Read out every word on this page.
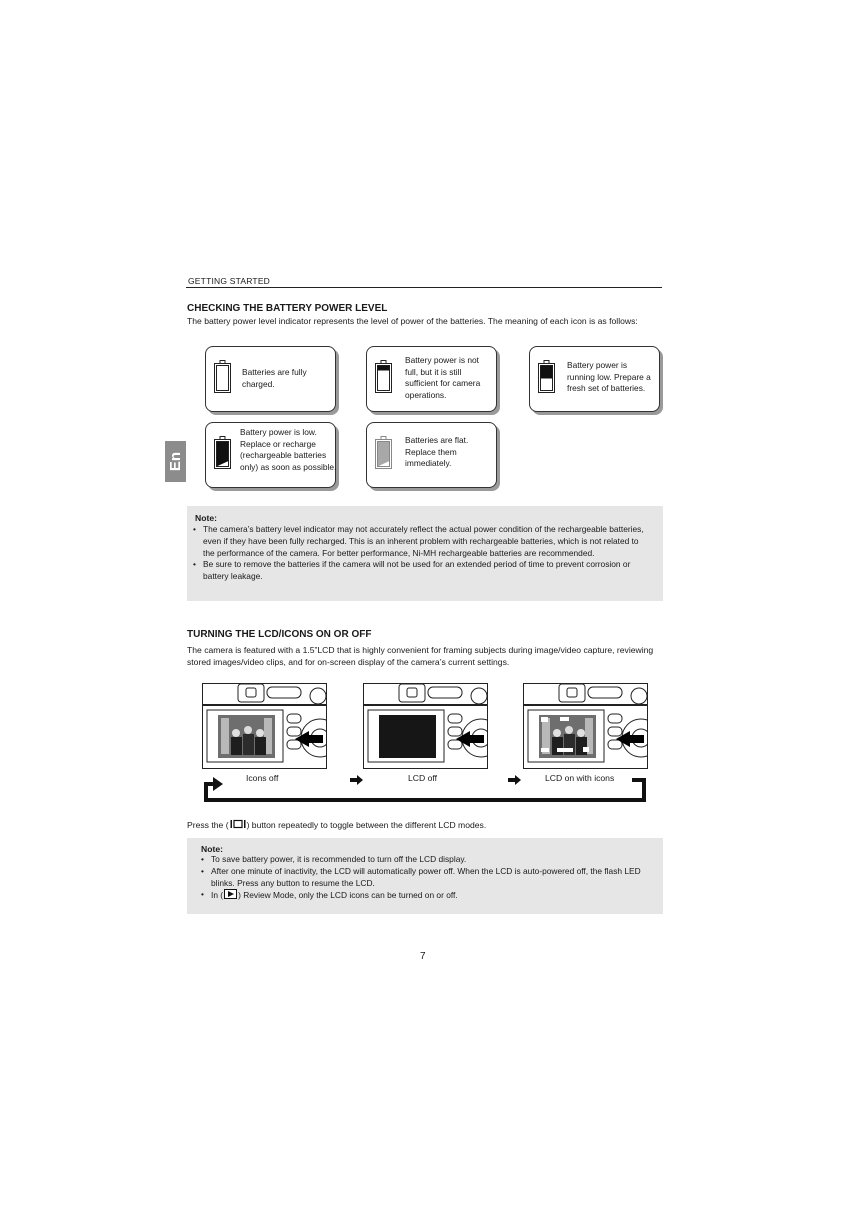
GETTING STARTED
En
CHECKING THE BATTERY POWER LEVEL
The battery power level indicator represents the level of power of the batteries. The meaning of each icon is as follows:
Batteries are fully charged.
Battery power is not full, but it is still sufficient for camera operations.
Battery power is running low. Prepare a fresh set of batteries.
Battery power is low. Replace or recharge (rechargeable batteries only) as soon as possible.
Batteries are flat. Replace them immediately.
Note:
• The camera’s battery level indicator may not accurately reflect the actual power condition of the rechargeable batteries, even if they have been fully recharged. This is an inherent problem with rechargeable batteries, which is not related to the performance of the camera. For better performance, Ni-MH rechargeable batteries are recommended.
• Be sure to remove the batteries if the camera will not be used for an extended period of time to prevent corrosion or battery leakage.
TURNING THE LCD/ICONS ON OR OFF
The camera is featured with a 1.5”LCD that is highly convenient for framing subjects during image/video capture, reviewing stored images/video clips, and for on-screen display of the camera’s current settings.
Icons off	LCD off	LCD on with icons
Press the ( ) button repeatedly to toggle between the different LCD modes.
Note:
• To save battery power, it is recommended to turn off the LCD display.
• After one minute of inactivity, the LCD will automatically power off. When the LCD is auto-powered off, the flash LED blinks. Press any button to resume the LCD.
• In ( ) Review Mode, only the LCD icons can be turned on or off.
7
